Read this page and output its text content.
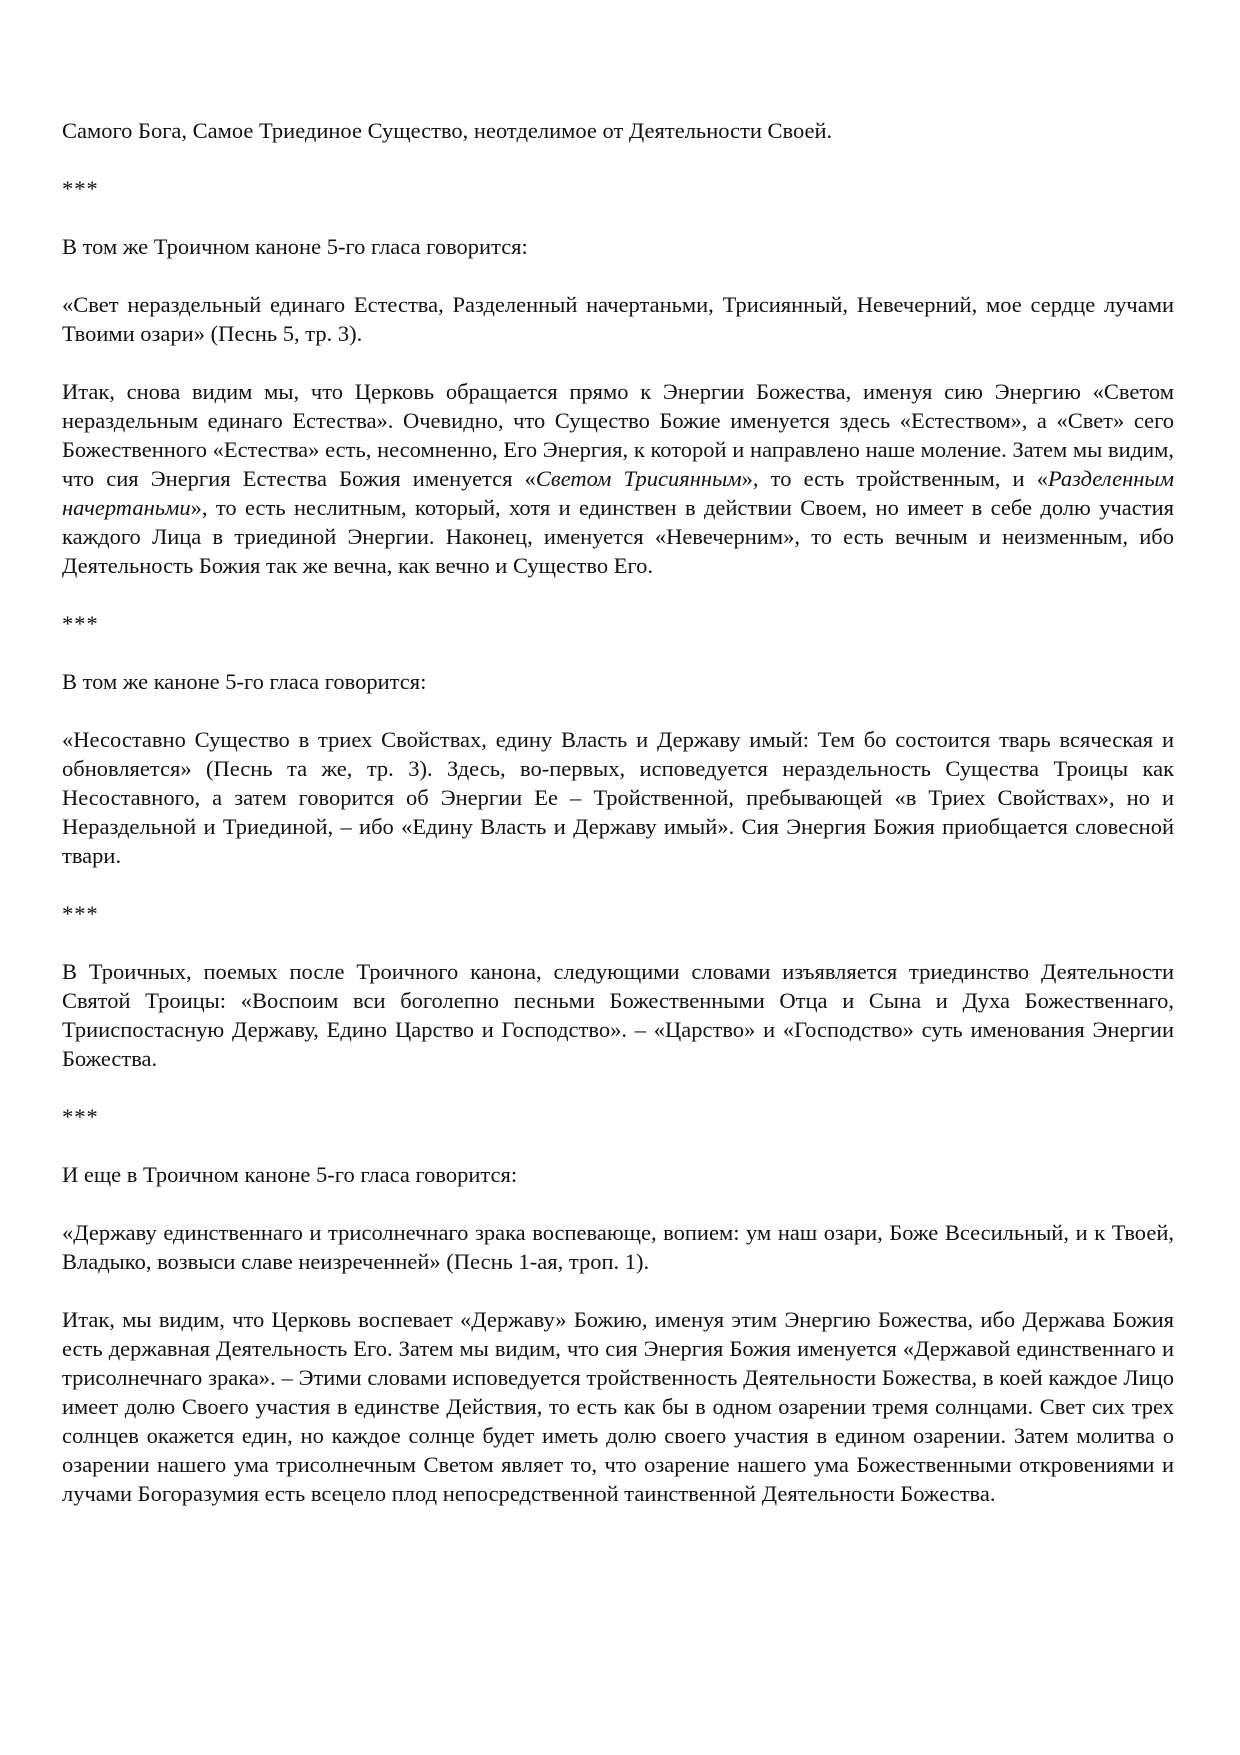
Самого Бога, Самое Триединое Существо, неотделимое от Деятельности Своей.

***

В том же Троичном каноне 5-го гласа говорится:

«Свет нераздельный единаго Естества, Разделенный начертаньми, Трисиянный, Невечерний, мое сердце лучами Твоими озари» (Песнь 5, тр. 3).

Итак, снова видим мы, что Церковь обращается прямо к Энергии Божества, именуя сию Энергию «Светом нераздельным единаго Естества». Очевидно, что Существо Божие именуется здесь «Естеством», а «Свет» сего Божественного «Естества» есть, несомненно, Его Энергия, к которой и направлено наше моление. Затем мы видим, что сия Энергия Естества Божия именуется «Светом Трисиянным», то есть тройственным, и «Разделенным начертаньми», то есть неслитным, который, хотя и единствен в действии Своем, но имеет в себе долю участия каждого Лица в триединой Энергии. Наконец, именуется «Невечерним», то есть вечным и неизменным, ибо Деятельность Божия так же вечна, как вечно и Существо Его.

***

В том же каноне 5-го гласа говорится:

«Несоставно Существо в триех Свойствах, едину Власть и Державу имый: Тем бо состоится тварь всяческая и обновляется» (Песнь та же, тр. 3). Здесь, во-первых, исповедуется нераздельность Существа Троицы как Несоставного, а затем говорится об Энергии Ее – Тройственной, пребывающей «в Триех Свойствах», но и Нераздельной и Триединой, – ибо «Едину Власть и Державу имый». Сия Энергия Божия приобщается словесной твари.

***

В Троичных, поемых после Троичного канона, следующими словами изъявляется триединство Деятельности Святой Троицы: «Воспоим вси боголепно песньми Божественными Отца и Сына и Духа Божественнаго, Трииспостасную Державу, Едино Царство и Господство». – «Царство» и «Господство» суть именования Энергии Божества.

***

И еще в Троичном каноне 5-го гласа говорится:

«Державу единственнаго и трисолнечнаго зрака воспевающе, вопием: ум наш озари, Боже Всесильный, и к Твоей, Владыко, возвыси славе неизреченней» (Песнь 1-ая, троп. 1).

Итак, мы видим, что Церковь воспевает «Державу» Божию, именуя этим Энергию Божества, ибо Держава Божия есть державная Деятельность Его. Затем мы видим, что сия Энергия Божия именуется «Державой единственнаго и трисолнечнаго зрака». – Этими словами исповедуется тройственность Деятельности Божества, в коей каждое Лицо имеет долю Своего участия в единстве Действия, то есть как бы в одном озарении тремя солнцами. Свет сих трех солнцев окажется един, но каждое солнце будет иметь долю своего участия в едином озарении. Затем молитва о озарении нашего ума трисолнечным Светом являет то, что озарение нашего ума Божественными откровениями и лучами Богоразумия есть всецело плод непосредственной таинственной Деятельности Божества.
